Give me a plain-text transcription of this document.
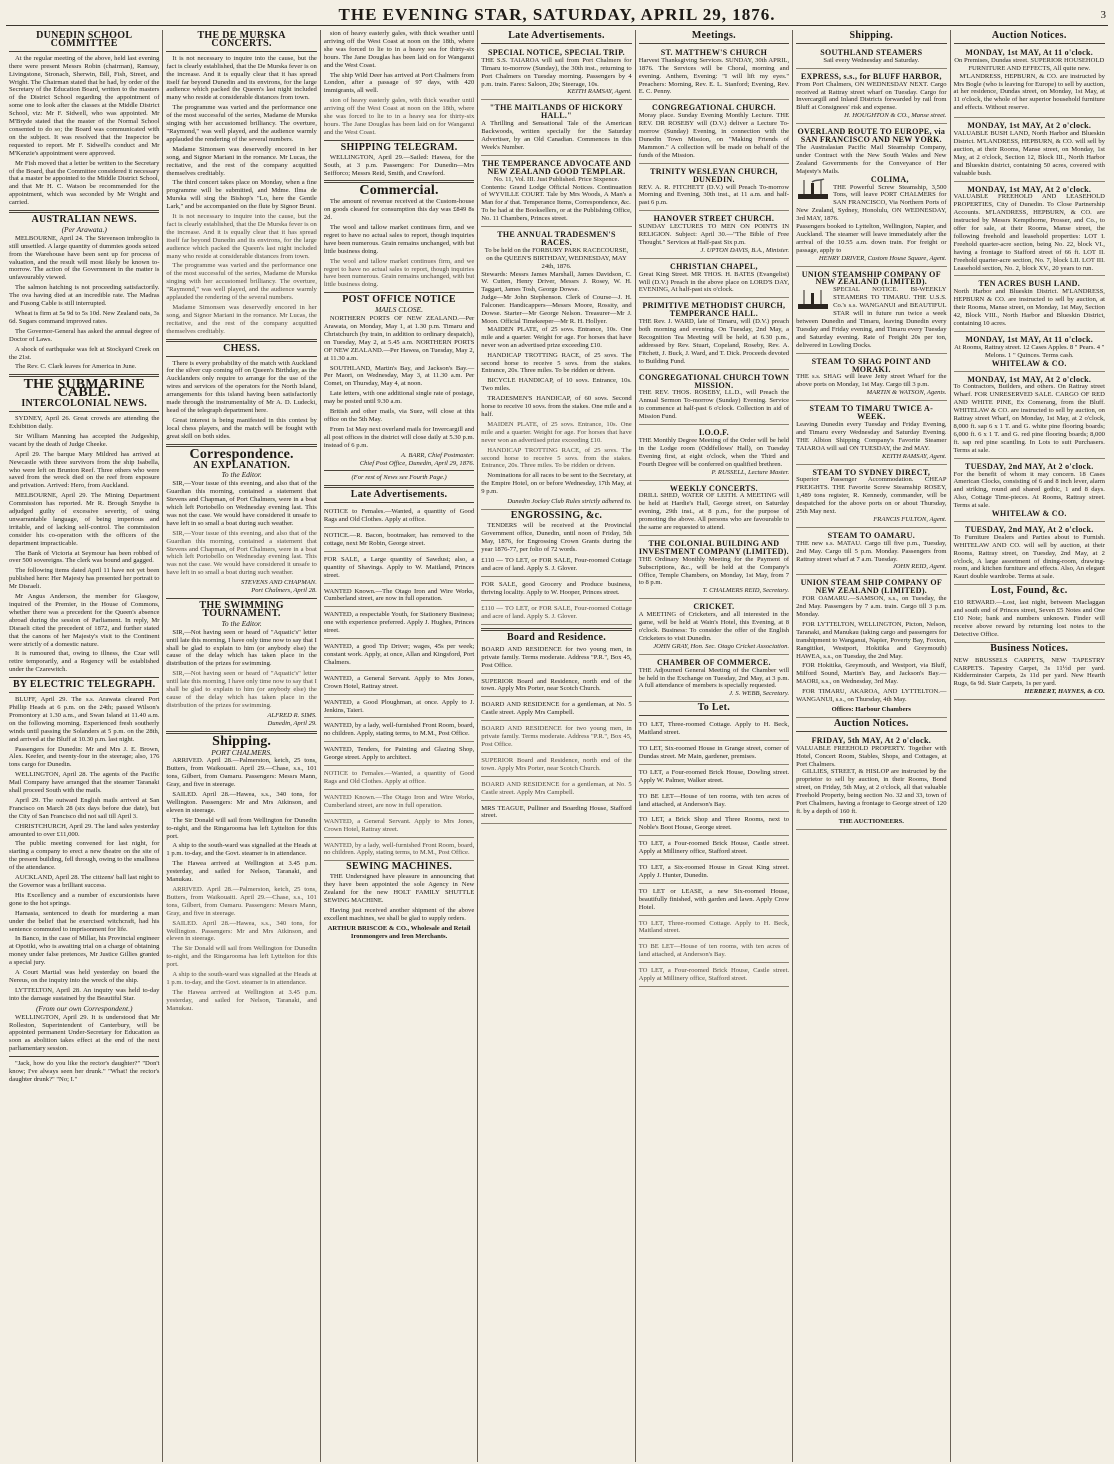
THE EVENING STAR, SATURDAY, APRIL 29, 1876.	3
DUNEDIN SCHOOL COMMITTEE

At the regular meeting of the above, held last evening there were present Messrs Robin (chairman), Ramsay, Livingstone, Stronach, Sherwin, Bill, Fish, Street, and Wright. The Chairman stated that he had, by order of the Secretary of the Education Board, written to the masters of the District School regarding the appointment of some one to look after the classes at the Middle District School, viz: Mr F. Sidwell, who was appointed. Mr M'Bryde stated that the master of the Normal School consented to do so; the Board was communicated with on the subject. It was resolved that the Inspector be requested to report. Mr F. Sidwell's conduct and Mr M'Kenzie's appointment were approved.

Mr Fish moved that a letter be written to the Secretary of the Board, that the Committee considered it necessary that a master be appointed to the Middle District School, and that Mr H. C. Watson be recommended for the appointment, which was seconded by Mr Wright and carried.

AUSTRALIAN NEWS.
(Per Arawata.)

MELBOURNE, April 24. The Stevenson imbroglio is still unsettled. A large quantity of dummies goods seized from the Warehouse have been sent up for process of valuation, and the result will most likely be known to-morrow. The action of the Government in the matter is unfavourably viewed.

The salmon hatching is not proceeding satisfactorily. The ova having died at an incredible rate. The Madras and Fusong Cable is still interrupted.

Wheat is firm at 5s 9d to 5s 10d. New Zealand oats, 3s 6d. Sugars command improved rates.

The Governor-General has asked the annual degree of Doctor of Laws.

A shock of earthquake was felt at Stockyard Creek on the 21st.

The Rev. C. Clark leaves for America in June.

THE SUBMARINE CABLE.
INTERCOLONIAL NEWS.

SYDNEY, April 26. Great crowds are attending the Exhibition daily.

Sir William Manning has accepted the Judgeship, vacant by the death of Judge Cheeke.

April 29. The barque Mary Mildred has arrived at Newcastle with three survivors from the ship Isabella, who were left on Brunton Reef. Three others who were saved from the wreck died on the reef from exposure and privation. Arrived: Hero, from Auckland.

MELBOURNE, April 29. The Mining Department Commission has reported. Mr R. Brough Smythe is adjudged guilty of excessive severity, of using unwarrantable language, of being imperious and irritable, and of lacking self-control. The commission consider his co-operation with the officers of the department impracticable.

The Bank of Victoria at Seymour has been robbed of over 500 sovereigns. The clerk was bound and gagged.

The following items dated April 11 have not yet been published here: Her Majesty has presented her portrait to Mr Disraeli.

Mr Angus Anderson, the member for Glasgow, inquired of the Premier, in the House of Commons, whether there was a precedent for the Queen's absence abroad during the session of Parliament. In reply, Mr Disraeli cited the precedent of 1872, and further stated that the canons of her Majesty's visit to the Continent were strictly of a domestic nature.

It is rumoured that, owing to illness, the Czar will retire temporarily, and a Regency will be established under the Czarewitch.

BY ELECTRIC TELEGRAPH.

BLUFF, April 29. The s.s. Arawata cleared Port Phillip Heads at 6 p.m. on the 24th; passed Wilson's Promontory at 1.30 a.m., and Swan Island at 11.40 a.m. on the following morning. Experienced fresh southerly winds until passing the Solanders at 5 p.m. on the 28th, and arrived at the Bluff at 10.30 p.m. last night.

Passengers for Dunedin: Mr and Mrs J. E. Brown, Alex. Keefer, and twenty-four in the steerage; also, 176 tons cargo for Dunedin.

WELLINGTON, April 28. The agents of the Pacific Mail Company have arranged that the steamer Taranaki shall proceed South with the mails.

April 29. The outward English mails arrived at San Francisco on March 28 (six days before due date), but the City of San Francisco did not sail till April 3.

CHRISTCHURCH, April 29. The land sales yesterday amounted to over £11,000.

The public meeting convened for last night, for starting a company to erect a new theatre on the site of the present building, fell through, owing to the smallness of the attendance.

AUCKLAND, April 28. The citizens' ball last night to the Governor was a brilliant success.

His Excellency and a number of excursionists have gone to the hot springs.

Hamasia, sentenced to death for murdering a man under the belief that he exercised witchcraft, had his sentence commuted to imprisonment for life.

In Banco, in the case of Millar, his Provincial engineer at Opotiki, who is awaiting trial on a charge of obtaining money under false pretences, Mr Justice Gillies granted a special jury.

A Court Martial was held yesterday on board the Nereus, on the inquiry into the wreck of the ship.

LYTTELTON, April 28. An inquiry was held to-day into the damage sustained by the Beautiful Star.

(From our own Correspondent.)

WELLINGTON, April 29. It is understood that Mr Rolleston, Superintendent of Canterbury, will be appointed permanent Under-Secretary for Education as soon as abolition takes effect at the end of the next parliamentary session.

"Jack, how do you like the rector's daughter?" "Don't know; I've always seen her drunk." "What! the rector's daughter drunk?" "No; I."

THE DE MURSKA CONCERTS.

It is not necessary to inquire into the cause, but the fact is clearly established, that the De Murska fever is on the increase. And it is equally clear that it has spread itself far beyond Dunedin and its environs, for the large audience which packed the Queen's last night included many who reside at considerable distances from town.

The programme was varied and the performance one of the most successful of the series, Madame de Murska singing with her accustomed brilliancy. The overture, "Raymond," was well played, and the audience warmly applauded the rendering of the several numbers.

Madame Simonsen was deservedly encored in her song, and Signor Mariani in the romance. Mr Lucas, the recitative, and the rest of the company acquitted themselves creditably.

The third concert takes place on Monday, when a fine programme will be submitted, and Mdme. Ilma de Murska will sing the Bishop's "Lo, here the Gentle Lark," and be accompanied on the flute by Signor Bruni.

It is not necessary to inquire into the cause, but the fact is clearly established, that the De Murska fever is on the increase. And it is equally clear that it has spread itself far beyond Dunedin and its environs, for the large audience which packed the Queen's last night included many who reside at considerable distances from town.

The programme was varied and the performance one of the most successful of the series, Madame de Murska singing with her accustomed brilliancy. The overture, "Raymond," was well played, and the audience warmly applauded the rendering of the several numbers.

Madame Simonsen was deservedly encored in her song, and Signor Mariani in the romance. Mr Lucas, the recitative, and the rest of the company acquitted themselves creditably.

CHESS.

There is every probability of the match with Auckland for the silver cup coming off on Queen's Birthday, as the Aucklanders only require to arrange for the use of the wires and services of the operators for the North Island, arrangements for this island having been satisfactorily made through the instrumentality of Mr A. D. Ludecki, head of the telegraph department here.

Great interest is being manifested in this contest by local chess players, and the match will be fought with great skill on both sides.

Correspondence.
AN EXPLANATION.
To the Editor.

SIR,—Your issue of this evening, and also that of the Guardian this morning, contained a statement that Stevens and Chapman, of Port Chalmers, were in a boat which left Portobello on Wednesday evening last. This was not the case. We would have considered it unsafe to have left in so small a boat during such weather.

SIR,—Your issue of this evening, and also that of the Guardian this morning, contained a statement that Stevens and Chapman, of Port Chalmers, were in a boat which left Portobello on Wednesday evening last. This was not the case. We would have considered it unsafe to have left in so small a boat during such weather.

STEVENS AND CHAPMAN.
Port Chalmers, April 28.
THE SWIMMING TOURNAMENT.
To the Editor.

SIR,—Not having seen or heard of "Aquatic's" letter until late this morning, I have only time now to say that I shall be glad to explain to him (or anybody else) the cause of the delay which has taken place in the distribution of the prizes for swimming.

SIR,—Not having seen or heard of "Aquatic's" letter until late this morning, I have only time now to say that I shall be glad to explain to him (or anybody else) the cause of the delay which has taken place in the distribution of the prizes for swimming.

ALFRED R. SIMS.
Dunedin, April 29.
Shipping.
PORT CHALMERS.

ARRIVED. April 28.—Palmerston, ketch, 25 tons, Butters, from Waikouaiti. April 29.—Chase, s.s., 101 tons, Gilbert, from Oamaru. Passengers: Messrs Mann, Gray, and five in steerage.

SAILED. April 28.—Hawea, s.s., 340 tons, for Wellington. Passengers: Mr and Mrs Atkinson, and eleven in steerage.

The Sir Donald will sail from Wellington for Dunedin to-night, and the Ringarooma has left Lyttelton for this port.

A ship to the south-ward was signalled at the Heads at 1 p.m. to-day, and the Govt. steamer is in attendance.

The Hawea arrived at Wellington at 3.45 p.m. yesterday, and sailed for Nelson, Taranaki, and Manukau.

ARRIVED. April 28.—Palmerston, ketch, 25 tons, Butters, from Waikouaiti. April 29.—Chase, s.s., 101 tons, Gilbert, from Oamaru. Passengers: Messrs Mann, Gray, and five in steerage.

SAILED. April 28.—Hawea, s.s., 340 tons, for Wellington. Passengers: Mr and Mrs Atkinson, and eleven in steerage.

The Sir Donald will sail from Wellington for Dunedin to-night, and the Ringarooma has left Lyttelton for this port.

A ship to the south-ward was signalled at the Heads at 1 p.m. to-day, and the Govt. steamer is in attendance.

The Hawea arrived at Wellington at 3.45 p.m. yesterday, and sailed for Nelson, Taranaki, and Manukau.

sion of heavy easterly gales, with thick weather until arriving off the West Coast at noon on the 18th, where she was forced to lie to in a heavy sea for thirty-six hours. The Jane Douglas has been laid on for Wanganui and the West Coast.

The ship Wild Deer has arrived at Port Chalmers from London, after a passage of 97 days, with 420 immigrants, all well.

sion of heavy easterly gales, with thick weather until arriving off the West Coast at noon on the 18th, where she was forced to lie to in a heavy sea for thirty-six hours. The Jane Douglas has been laid on for Wanganui and the West Coast.

SHIPPING TELEGRAM.

WELLINGTON, April 29.—Sailed: Hawea, for the South, at 3 p.m. Passengers: For Dunedin—Mrs Seifforco; Messrs Reid, Smith, and Crawford.

Commercial.

The amount of revenue received at the Custom-house on goods cleared for consumption this day was £849 8s 2d.

The wool and tallow market continues firm, and we regret to have no actual sales to report, though inquiries have been numerous. Grain remains unchanged, with but little business doing.

The wool and tallow market continues firm, and we regret to have no actual sales to report, though inquiries have been numerous. Grain remains unchanged, with but little business doing.

POST OFFICE NOTICE
MAILS CLOSE.

NORTHERN PORTS OF NEW ZEALAND.—Per Arawata, on Monday, May 1, at 1.30 p.m. Timaru and Christchurch (by train, in addition to ordinary despatch), on Tuesday, May 2, at 5.45 a.m. NORTHERN PORTS OF NEW ZEALAND.—Per Hawea, on Tuesday, May 2, at 11.30 a.m.

SOUTHLAND, Martin's Bay, and Jackson's Bay.—Per Maori, on Wednesday, May 3, at 11.30 a.m. Per Comet, on Thursday, May 4, at noon.

Late letters, with one additional single rate of postage, may be posted until 9.30 a.m.

British and other mails, via Suez, will close at this office on the 5th May.

From 1st May next overland mails for Invercargill and all post offices in the district will close daily at 5.30 p.m. instead of 6 p.m.

A. BARR, Chief Postmaster.
Chief Post Office, Dunedin, April 29, 1876.
(For rest of News see Fourth Page.)
Late Advertisements.
NOTICE to Females.—Wanted, a quantity of Good Rags and Old Clothes. Apply at office.
NOTICE.—R. Bacon, bootmaker, has removed to the cottage, next Mr Robin, George street.
FOR SALE, a Large quantity of Sawdust; also, a quantity of Shavings. Apply to W. Maitland, Princes street.
WANTED Known.—The Otago Iron and Wire Works, Cumberland street, are now in full operation.
WANTED, a respectable Youth, for Stationery Business; one with experience preferred. Apply J. Hughes, Princes street.
WANTED, a good Tip Driver; wages, 45s per week; constant work. Apply, at once, Allan and Kingsford, Port Chalmers.
WANTED, a General Servant. Apply to Mrs Jones, Crown Hotel, Rattray street.
WANTED, a Good Ploughman, at once. Apply to J. Jenkins, Taieri.
WANTED, by a lady, well-furnished Front Room, board, no children. Apply, stating terms, to M.M., Post Office.
WANTED, Tenders, for Painting and Glazing Shop, George street. Apply to architect.
NOTICE to Females.—Wanted, a quantity of Good Rags and Old Clothes. Apply at office.
WANTED Known.—The Otago Iron and Wire Works, Cumberland street, are now in full operation.
WANTED, a General Servant. Apply to Mrs Jones, Crown Hotel, Rattray street.
WANTED, by a lady, well-furnished Front Room, board, no children. Apply, stating terms, to M.M., Post Office.
SEWING MACHINES.

THE Undersigned have pleasure in announcing that they have been appointed the sole Agency in New Zealand for the new HOLT FAMILY SHUTTLE SEWING MACHINE.

Having just received another shipment of the above excellent machines, we shall be glad to supply orders.

ARTHUR BRISCOE & CO., Wholesale and Retail Ironmongers and Iron Merchants.
Late Advertisements.
SPECIAL NOTICE, SPECIAL TRIP.

THE S.S. TAIAROA will sail from Port Chalmers for Timaru to-morrow (Sunday), the 30th inst., returning to Port Chalmers on Tuesday morning. Passengers by 4 p.m. train. Fares: Saloon, 20s; Steerage, 10s.

KEITH RAMSAY, Agent.
"THE MAITLANDS OF HICKORY HALL."

A Thrilling and Sensational Tale of the American Backwoods, written specially for the Saturday Advertiser, by an Old Canadian. Commences in this Week's Number.

THE TEMPERANCE ADVOCATE AND NEW ZEALAND GOOD TEMPLAR.

No. 11, Vol. III. Just Published. Price Sixpence.

Contents: Grand Lodge Official Notices. Continuation of WYVILLE COURT. Tale by Mrs Woods, A Man's a Man for a' that. Temperance Items, Correspondence, &c.

To be had at the Booksellers, or at the Publishing Office, No. 11 Chambers, Princes street.

THE ANNUAL TRADESMEN'S RACES.

To be held on the FORBURY PARK RACECOURSE, on the QUEEN'S BIRTHDAY, WEDNESDAY, MAY 24th, 1876.

Stewards: Messrs James Marshall, James Davidson, C. W. Cutten, Henry Driver, Messrs J. Rosey, W. H. Taggart, James Tosh, George Dowse.

Judge—Mr John Stephenson. Clerk of Course—J. H. Falconer. Handicappers—Messrs Moore, Rossity, and Dowse. Starter—Mr George Nelson. Treasurer—Mr J. Moon. Official Timekeeper—Mr R. H. Hollyer.

MAIDEN PLATE, of 25 sovs. Entrance, 10s. One mile and a quarter. Weight for age. For horses that have never won an advertised prize exceeding £10.

HANDICAP TROTTING RACE, of 25 sovs. The second horse to receive 5 sovs. from the stakes. Entrance, 20s. Three miles. To be ridden or driven.

BICYCLE HANDICAP, of 10 sovs. Entrance, 10s. Two miles.

TRADESMEN'S HANDICAP, of 60 sovs. Second horse to receive 10 sovs. from the stakes. One mile and a half.

MAIDEN PLATE, of 25 sovs. Entrance, 10s. One mile and a quarter. Weight for age. For horses that have never won an advertised prize exceeding £10.

HANDICAP TROTTING RACE, of 25 sovs. The second horse to receive 5 sovs. from the stakes. Entrance, 20s. Three miles. To be ridden or driven.

Nominations for all races to be sent to the Secretary, at the Empire Hotel, on or before Wednesday, 17th May, at 9 p.m.

Dunedin Jockey Club Rules strictly adhered to.
ENGROSSING, &c.

TENDERS will be received at the Provincial Government office, Dunedin, until noon of Friday, 5th May, 1876, for Engrossing Crown Grants during the year 1876-77, per folio of 72 words.

£110 — TO LET, or FOR SALE, Four-roomed Cottage and acre of land. Apply S. J. Glover.
FOR SALE, good Grocery and Produce business, thriving locality. Apply to W. Hooper, Princes street.
£110 — TO LET, or FOR SALE, Four-roomed Cottage and acre of land. Apply S. J. Glover.
Board and Residence.
BOARD AND RESIDENCE for two young men, in private family. Terms moderate. Address "P.R.", Box 45, Post Office.
SUPERIOR Board and Residence, north end of the town. Apply Mrs Porter, near Scotch Church.
BOARD AND RESIDENCE for a gentleman, at No. 5 Castle street. Apply Mrs Campbell.
BOARD AND RESIDENCE for two young men, in private family. Terms moderate. Address "P.R.", Box 45, Post Office.
SUPERIOR Board and Residence, north end of the town. Apply Mrs Porter, near Scotch Church.
BOARD AND RESIDENCE for a gentleman, at No. 5 Castle street. Apply Mrs Campbell.
MRS TEAGUE, Pulliner and Boarding House, Stafford street.
Meetings.
ST. MATTHEW'S CHURCH

Harvest Thanksgiving Services. SUNDAY, 30th APRIL, 1876. The Services will be Choral, morning and evening. Anthem, Evening: "I will lift my eyes." Preachers: Morning, Rev. E. L. Stanford; Evening, Rev. E. C. Penny.

CONGREGATIONAL CHURCH.

Moray place. Sunday Evening Monthly Lecture. THE REV. DR ROSEBY will (D.V.) deliver a Lecture To-morrow (Sunday) Evening, in connection with the Dunedin Town Mission, on "Making Friends of Mammon." A collection will be made on behalf of the funds of the Mission.

TRINITY WESLEYAN CHURCH, DUNEDIN.

REV. A. R. FITCHETT (D.V.) will Preach To-morrow Morning and Evening, 30th inst., at 11 a.m. and half-past 6 p.m.

HANOVER STREET CHURCH.

SUNDAY LECTURES TO MEN ON POINTS IN RELIGION. Subject: April 30.—"The Bible of Free Thought." Services at Half-past Six p.m.

J. UPTON DAVIS, B.A., Minister.
CHRISTIAN CHAPEL,

Great King Street. MR THOS. H. BATES (Evangelist) Will (D.V.) Preach in the above place on LORD'S DAY, EVENING, At half-past six o'clock.

PRIMITIVE METHODIST CHURCH, TEMPERANCE HALL.

THE Rev. J. WARD, late of Timaru, will (D.V.) preach both morning and evening. On Tuesday, 2nd May, a Recognition Tea Meeting will be held, at 6.30 p.m., addressed by Rev. Stuart, Copeland, Roseby, Rev. A. Fitchett, J. Buck, J. Ward, and T. Dick. Proceeds devoted to Building Fund.

CONGREGATIONAL CHURCH TOWN MISSION.

THE REV. THOS. ROSEBY, LL.D., will Preach the Annual Sermon To-morrow (Sunday) Evening. Service to commence at half-past 6 o'clock. Collection in aid of Mission Fund.

I.O.O.F.

THE Monthly Degree Meeting of the Order will be held in the Lodge room (Oddfellows' Hall), on Tuesday Evening first, at eight o'clock, when the Third and Fourth Degree will be conferred on qualified brethren.

P. RUSSELL, Lecture Master.
WEEKLY CONCERTS.

DRILL SHED, WATER OF LEITH. A MEETING will be held at Hardie's Hall, George street, on Saturday evening, 29th inst., at 8 p.m., for the purpose of promoting the above. All persons who are favourable to the same are requested to attend.

THE COLONIAL BUILDING AND INVESTMENT COMPANY (LIMITED).

THE Ordinary Monthly Meeting for the Payment of Subscriptions, &c., will be held at the Company's Office, Temple Chambers, on Monday, 1st May, from 7 to 8 p.m.

T. CHALMERS REID, Secretary.
CRICKET.

A MEETING of Cricketers, and all interested in the game, will be held at Wain's Hotel, this Evening, at 8 o'clock. Business: To consider the offer of the English Cricketers to visit Dunedin.

JOHN GRAY, Hon. Sec. Otago Cricket Association.
CHAMBER OF COMMERCE.

THE Adjourned General Meeting of the Chamber will be held in the Exchange on Tuesday, 2nd May, at 3 p.m. A full attendance of members is specially requested.

J. S. WEBB, Secretary.
To Let.
TO LET, Three-roomed Cottage. Apply to H. Beck, Maitland street.
TO LET, Six-roomed House in Grange street, corner of Dundas street. Mr Main, gardener, premises.
TO LET, a Four-roomed Brick House, Dowling street. Apply W. Palmer, Walker street.
TO BE LET—House of ten rooms, with ten acres of land attached, at Anderson's Bay.
TO LET, a Brick Shop and Three Rooms, next to Noble's Boot House, George street.
TO LET, a Four-roomed Brick House, Castle street. Apply at Millinery office, Stafford street.
TO LET, a Six-roomed House in Great King street. Apply J. Hunter, Dunedin.
TO LET or LEASE, a new Six-roomed House, beautifully finished, with garden and lawn. Apply Crow Hotel.
TO LET, Three-roomed Cottage. Apply to H. Beck, Maitland street.
TO BE LET—House of ten rooms, with ten acres of land attached, at Anderson's Bay.
TO LET, a Four-roomed Brick House, Castle street. Apply at Millinery office, Stafford street.
Shipping.
SOUTHLAND STEAMERS

Sail every Wednesday and Saturday.

EXPRESS, s.s., for BLUFF HARBOR,

From Port Chalmers, ON WEDNESDAY NEXT. Cargo received at Rattray street wharf on Tuesday. Cargo for Invercargill and Inland Districts forwarded by rail from Bluff at Consignees' risk and expense.

H. HOUGHTON & CO., Manse street.
OVERLAND ROUTE TO EUROPE, via SAN FRANCISCO AND NEW YORK.

The Australasian Pacific Mail Steamship Company, under Contract with the New South Wales and New Zealand Governments for the Conveyance of Her Majesty's Mails.

COLIMA,

THE Powerful Screw Steamship, 3,500 Tons, will leave PORT CHALMERS for SAN FRANCISCO, Via Northern Ports of New Zealand, Sydney, Honolulu, ON WEDNESDAY, 3rd MAY, 1876.

Passengers booked to Lyttelton, Wellington, Napier, and Auckland. The steamer will leave immediately after the arrival of the 10.55 a.m. down train. For freight or passage, apply to

HENRY DRIVER, Custom House Square, Agent.
UNION STEAMSHIP COMPANY OF NEW ZEALAND (LIMITED).

SPECIAL NOTICE. BI-WEEKLY STEAMERS TO TIMARU. THE U.S.S. Co.'s s.s. WANGANUI and BEAUTIFUL STAR will in future run twice a week between Dunedin and Timaru, leaving Dunedin every Tuesday and Friday evening, and Timaru every Tuesday and Saturday evening. Rate of Freight 20s per ton, delivered in Lowling Docks.

STEAM TO SHAG POINT AND MORAKI.

THE s.s. SHAG will leave Jetty street Wharf for the above ports on Monday, 1st May. Cargo till 3 p.m.

MARTIN & WATSON, Agents.
STEAM TO TIMARU TWICE A-WEEK.

Leaving Dunedin every Tuesday and Friday Evening, and Timaru every Wednesday and Saturday Evening. THE Albion Shipping Company's Favorite Steamer TAIAROA will sail ON TUESDAY, the 2nd MAY.

KEITH RAMSAY, Agent.
STEAM TO SYDNEY DIRECT,

Superior Passenger Accommodation. CHEAP FREIGHTS. THE Favorite Screw Steamship ROSEY, 1,489 tons register, R. Kennedy, commander, will be despatched for the above ports on or about Thursday, 25th May next.

FRANCIS FULTON, Agent.
STEAM TO OAMARU.

THE new s.s. MATAU. Cargo till five p.m., Tuesday, 2nd May. Cargo till 5 p.m. Monday. Passengers from Rattray street wharf at 7 a.m. Tuesday.

JOHN REID, Agent.
UNION STEAM SHIP COMPANY OF NEW ZEALAND (LIMITED).

FOR OAMARU.—SAMSON, s.s., on Tuesday, the 2nd May. Passengers by 7 a.m. train. Cargo till 3 p.m. Monday.

FOR LYTTELTON, WELLINGTON, Picton, Nelson, Taranaki, and Manukau (taking cargo and passengers for transhipment to Wanganui, Napier, Poverty Bay, Foxton, Rangitikei, Westport, Hokitika and Greymouth) HAWEA, s.s., on Tuesday, the 2nd May.

FOR Hokitika, Greymouth, and Westport, via Bluff, Milford Sound, Martin's Bay, and Jackson's Bay.—MAORI, s.s., on Wednesday, 3rd May.

FOR TIMARU, AKAROA, AND LYTTELTON.—WANGANUI, s.s., on Thursday, 4th May.

Offices: Harbour Chambers
Auction Notices.
FRIDAY, 5th MAY, At 2 o'clock.

VALUABLE FREEHOLD PROPERTY. Together with Hotel, Concert Room, Stables, Shops, and Cottages, at Port Chalmers.

GILLIES, STREET, & HISLOP are instructed by the proprietor to sell by auction, in their Rooms, Bond street, on Friday, 5th May, at 2 o'clock, all that valuable Freehold Property, being section No. 32 and 33, town of Port Chalmers, having a frontage to George street of 120 ft. by a depth of 160 ft.

THE AUCTIONEERS.
Auction Notices.
MONDAY, 1st MAY, At 11 o'clock.

On Premises, Dundas street. SUPERIOR HOUSEHOLD FURNITURE AND EFFECTS, All quite new.

M'LANDRESS, HEPBURN, & CO. are instructed by Mrs Bogle (who is leaving for Europe) to sell by auction, at her residence, Dundas street, on Monday, 1st May, at 11 o'clock, the whole of her superior household furniture and effects. Without reserve.

MONDAY, 1st MAY, At 2 o'clock.

VALUABLE BUSH LAND, North Harbor and Blueskin District. M'LANDRESS, HEPBURN, & CO. will sell by auction, at their Rooms, Manse street, on Monday, 1st May, at 2 o'clock, Section 12, Block III., North Harbor and Blueskin district, containing 50 acres, covered with valuable bush.

MONDAY, 1st MAY, At 2 o'clock.

VALUABLE FREEHOLD AND LEASEHOLD PROPERTIES, City of Dunedin. To Close Partnership Accounts. M'LANDRESS, HEPBURN, & CO. are instructed by Messrs Kempthorne, Prosser, and Co., to offer for sale, at their Rooms, Manse street, the following freehold and leasehold properties: LOT I. Freehold quarter-acre section, being No. 22, block VI., having a frontage to Stafford street of 66 ft. LOT II. Freehold quarter-acre section, No. 7, block LII. LOT III. Leasehold section, No. 2, block XV., 20 years to run.

TEN ACRES BUSH LAND.

North Harbor and Blueskin District. M'LANDRESS, HEPBURN & CO. are instructed to sell by auction, at their Rooms, Manse street, on Monday, 1st May, Section 42, Block VIII., North Harbor and Blueskin District, containing 10 acres.

MONDAY, 1st MAY, At 11 o'clock.

At Rooms, Rattray street. 12 Cases Apples. 8 " Pears. 4 " Melons. 1 " Quinces. Terms cash.

WHITELAW & CO.
MONDAY, 1st MAY, At 2 o'clock.

To Contractors, Builders, and others. On Rattray street Wharf. FOR UNRESERVED SALE. CARGO OF RED AND WHITE PINE, Ex Comerang, from the Bluff. WHITELAW & CO. are instructed to sell by auction, on Rattray street Wharf, on Monday, 1st May, at 2 o'clock, 8,000 ft. sap 6 x 1 T. and G. white pine flooring boards; 6,000 ft. 6 x 1 T. and G. red pine flooring boards; 8,000 ft. sap red pine scantling. In Lots to suit Purchasers. Terms at sale.

TUESDAY, 2nd MAY, At 2 o'clock.

For the benefit of whom it may concern. 18 Cases American Clocks, consisting of 6 and 8 inch lever, alarm and striking, round and shared gothic, 1 and 8 days. Also, Cottage Time-pieces. At Rooms, Rattray street. Terms at sale.

WHITELAW & CO.
TUESDAY, 2nd MAY, At 2 o'clock.

To Furniture Dealers and Parties about to Furnish. WHITELAW AND CO. will sell by auction, at their Rooms, Rattray street, on Tuesday, 2nd May, at 2 o'clock, A large assortment of dining-room, drawing-room, and kitchen furniture and effects. Also, An elegant Kauri double wardrobe. Terms at sale.

Lost, Found, &c.

£10 REWARD.—Lost, last night, between Maclaggan and south end of Princes street, Seven £5 Notes and One £10 Note; bank and numbers unknown. Finder will receive above reward by returning lost notes to the Detective Office.

Business Notices.

NEW BRUSSELS CARPETS, NEW TAPESTRY CARPETS. Tapestry Carpet, 3s 11½d per yard. Kidderminster Carpets, 2s 11d per yard. New Hearth Rugs, 6s 9d. Stair Carpets, 1s per yard.

HERBERT, HAYNES, & CO.
